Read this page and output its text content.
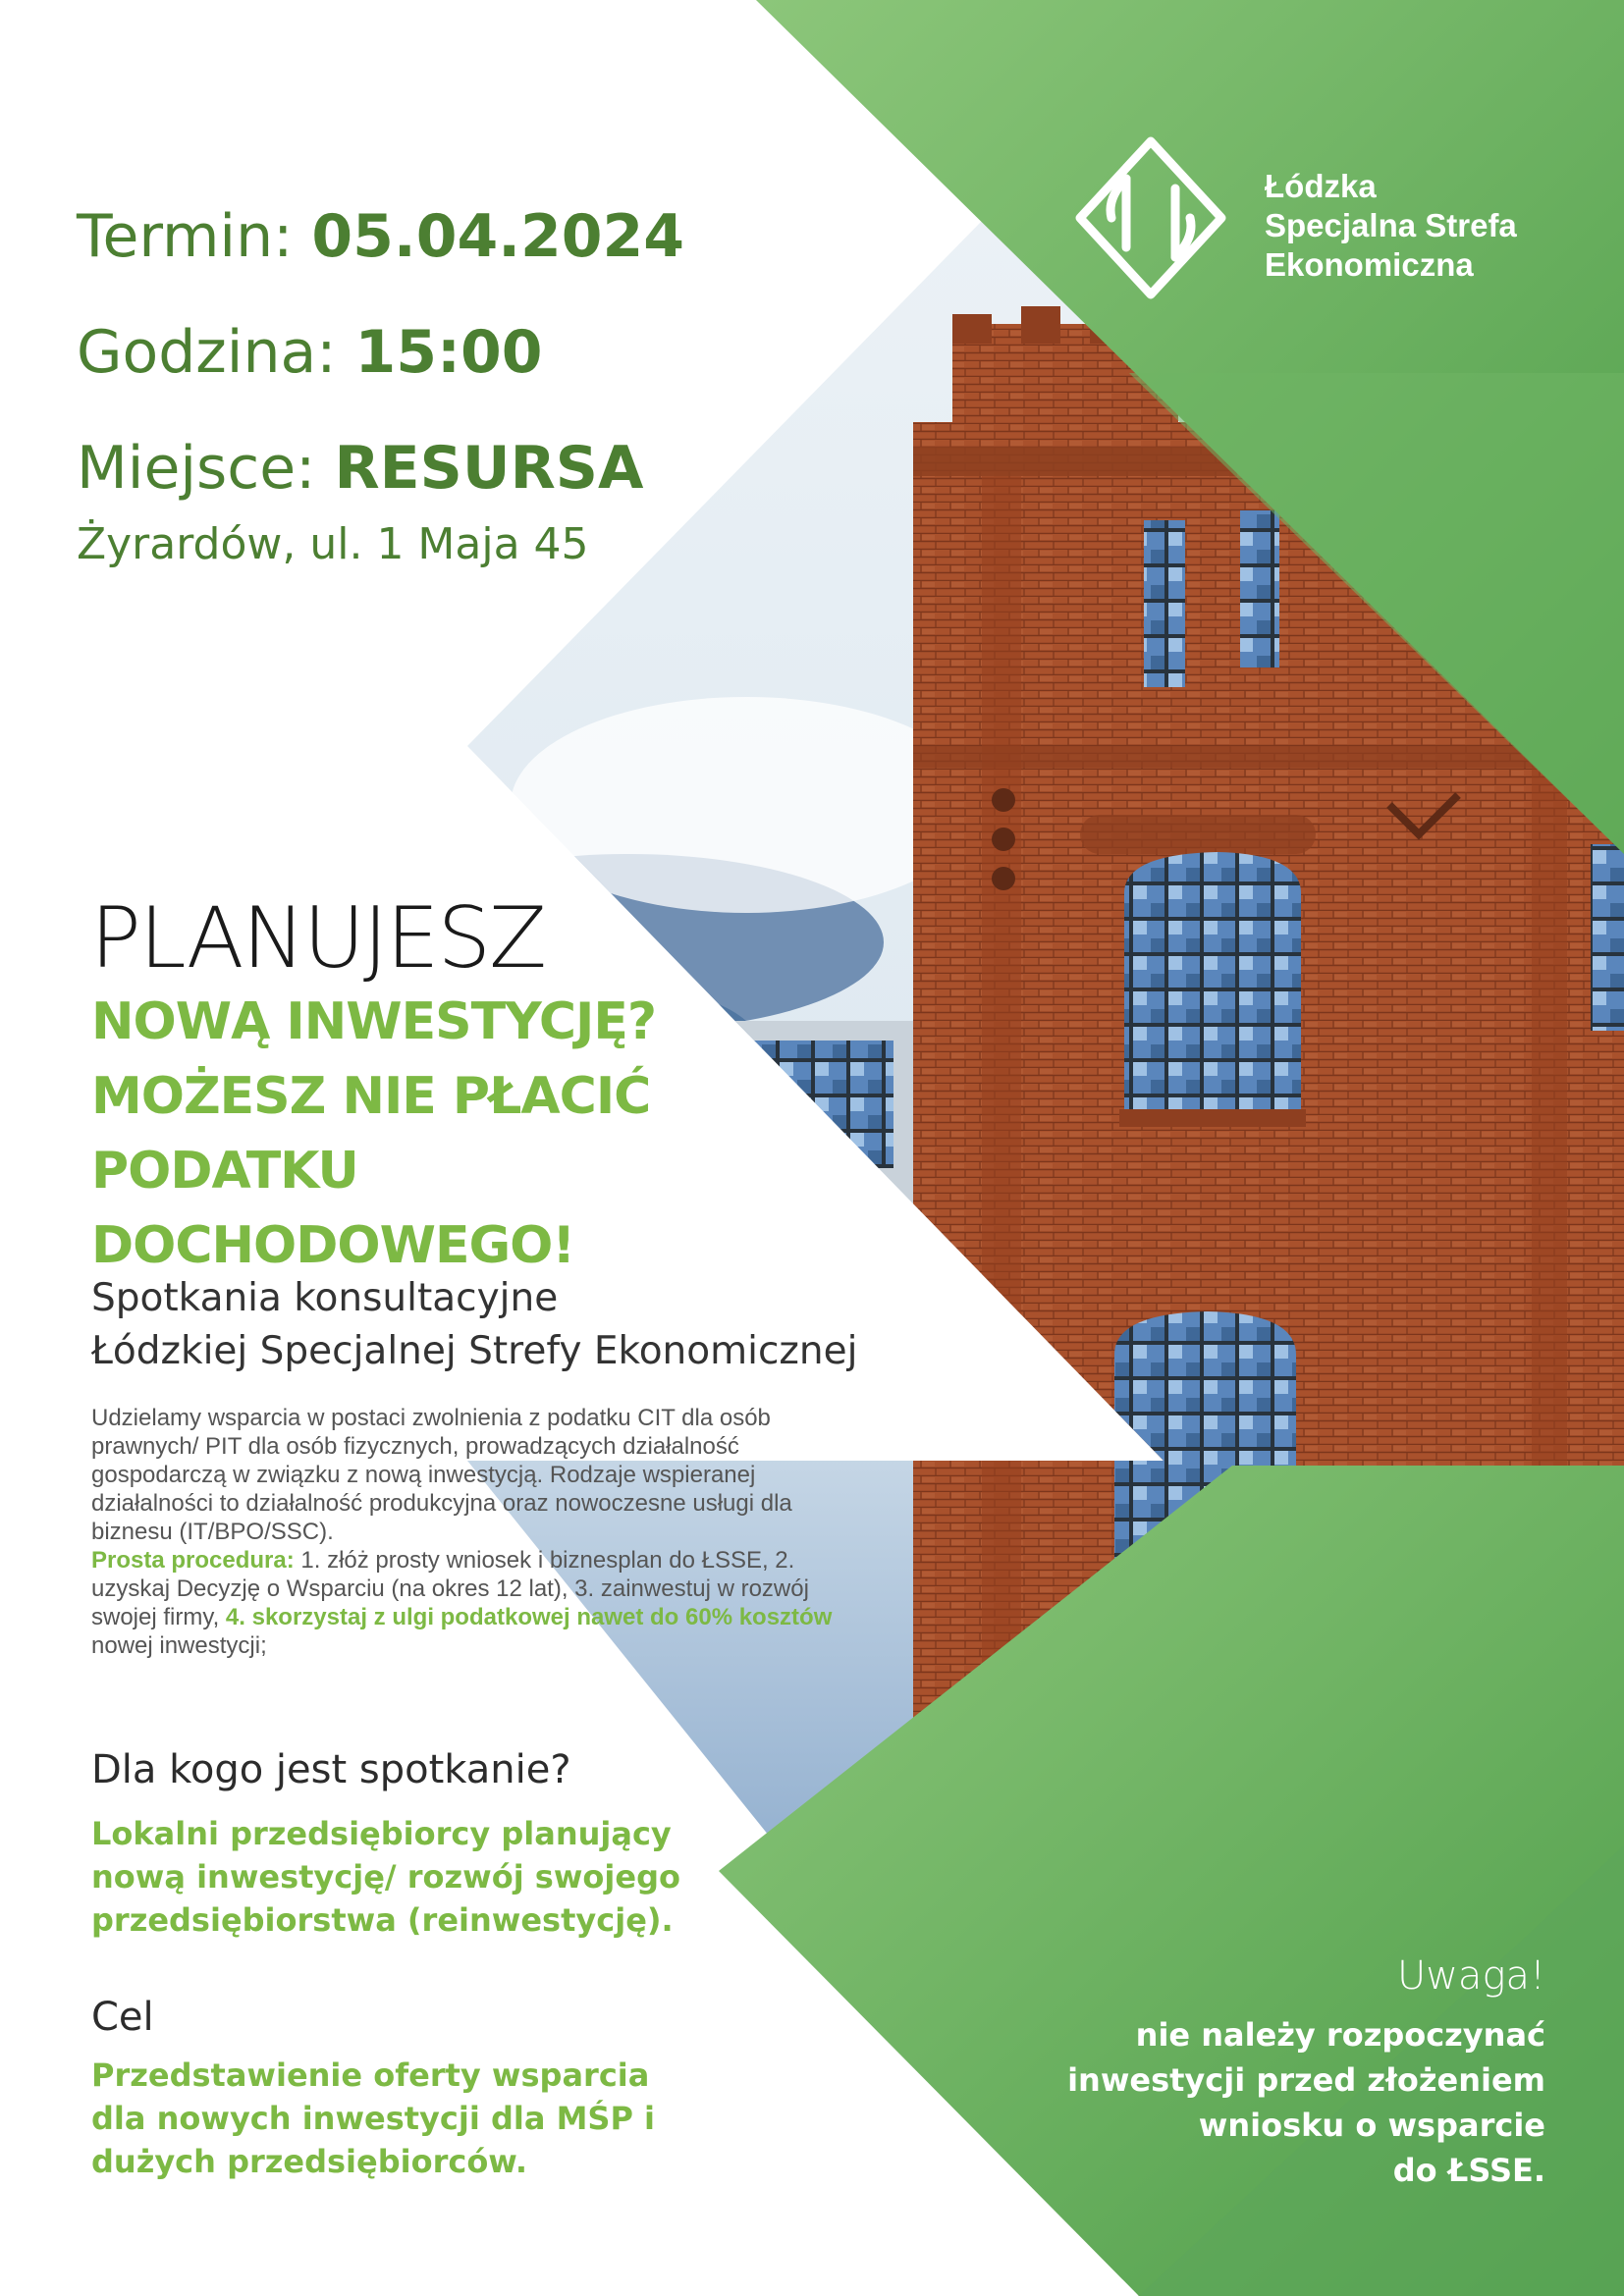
Termin: 05.04.2024
Godzina: 15:00
Miejsce: RESURSA
Żyrardów, ul. 1 Maja 45
Łódzka
Specjalna Strefa
Ekonomiczna
PLANUJESZ
NOWĄ INWESTYCJĘ?
MOŻESZ NIE PŁACIĆ
PODATKU
DOCHODOWEGO!
Spotkania konsultacyjne
Łódzkiej Specjalnej Strefy Ekonomicznej
Udzielamy wsparcia w postaci zwolnienia z podatku CIT dla osób prawnych/ PIT dla osób fizycznych, prowadzących działalność gospodarczą w związku z nową inwestycją. Rodzaje wspieranej działalności to działalność produkcyjna oraz nowoczesne usługi dla biznesu (IT/BPO/SSC).
Prosta procedura: 1. złóż prosty wniosek i biznesplan do ŁSSE, 2. uzyskaj Decyzję o Wsparciu (na okres 12 lat), 3. zainwestuj w rozwój swojej firmy, 4. skorzystaj z ulgi podatkowej nawet do 60% kosztów nowej inwestycji;
Dla kogo jest spotkanie?
Lokalni przedsiębiorcy planujący nową inwestycję/ rozwój swojego przedsiębiorstwa (reinwestycję).
Cel
Przedstawienie oferty wsparcia dla nowych inwestycji dla MŚP i dużych przedsiębiorców.
Uwaga!
nie należy rozpoczynać
inwestycji przed złożeniem
wniosku o wsparcie
do ŁSSE.
